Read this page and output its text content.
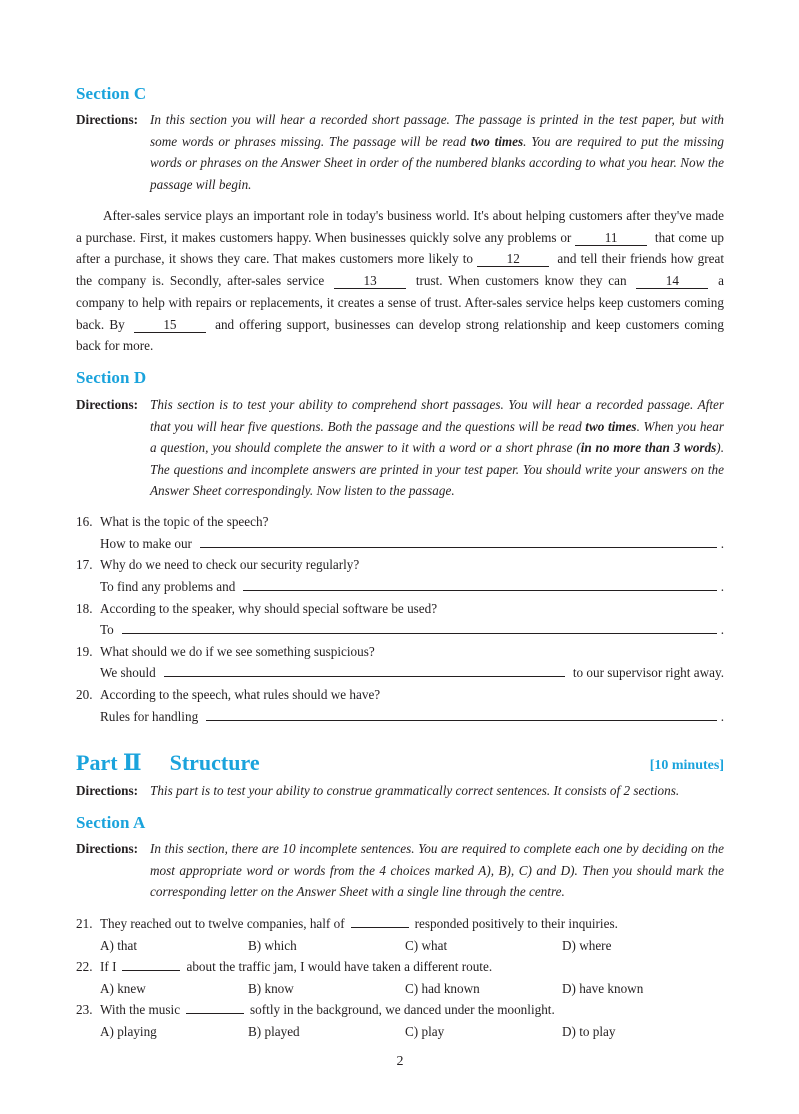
Section C
Directions: In this section you will hear a recorded short passage. The passage is printed in the test paper, but with some words or phrases missing. The passage will be read two times. You are required to put the missing words or phrases on the Answer Sheet in order of the numbered blanks according to what you hear. Now the passage will begin.
After-sales service plays an important role in today's business world. It's about helping customers after they've made a purchase. First, it makes customers happy. When businesses quickly solve any problems or	11	that come up after a purchase, it shows they care. That makes customers more likely to	12	and tell their friends how great the company is. Secondly, after-sales service	13	trust. When customers know they can	14	a company to help with repairs or replacements, it creates a sense of trust. After-sales service helps keep customers coming back. By	15	and offering support, businesses can develop strong relationship and keep customers coming back for more.
Section D
Directions: This section is to test your ability to comprehend short passages. You will hear a recorded passage. After that you will hear five questions. Both the passage and the questions will be read two times. When you hear a question, you should complete the answer to it with a word or a short phrase (in no more than 3 words). The questions and incomplete answers are printed in your test paper. You should write your answers on the Answer Sheet correspondingly. Now listen to the passage.
16. What is the topic of the speech?
How to make our	.
17. Why do we need to check our security regularly?
To find any problems and	.
18. According to the speaker, why should special software be used?
To	.
19. What should we do if we see something suspicious?
We should	to our supervisor right away.
20. According to the speech, what rules should we have?
Rules for handling	.
Part Ⅱ Structure	[10 minutes]
Directions: This part is to test your ability to construe grammatically correct sentences. It consists of 2 sections.
Section A
Directions: In this section, there are 10 incomplete sentences. You are required to complete each one by deciding on the most appropriate word or words from the 4 choices marked A), B), C) and D). Then you should mark the corresponding letter on the Answer Sheet with a single line through the centre.
21. They reached out to twelve companies, half of	responded positively to their inquiries.
A) that	B) which	C) what	D) where
22. If I	about the traffic jam, I would have taken a different route.
A) knew	B) know	C) had known	D) have known
23. With the music	softly in the background, we danced under the moonlight.
A) playing	B) played	C) play	D) to play
2
